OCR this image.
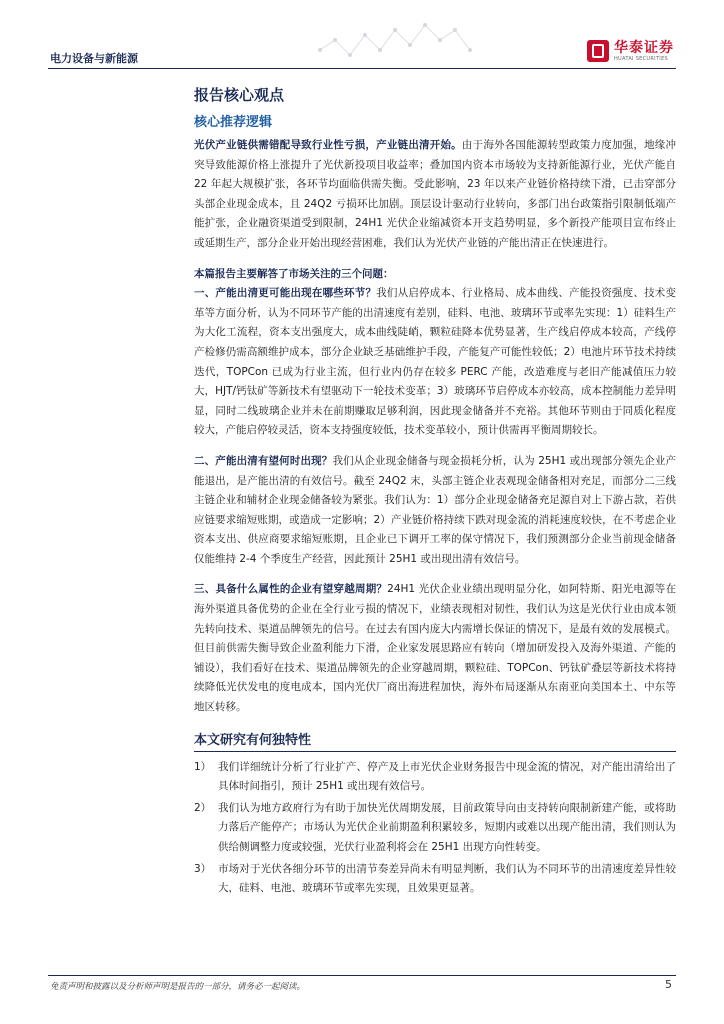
电力设备与新能源
华泰证券
HUATAI SECURITIES
报告核心观点
核心推荐逻辑

光伏产业链供需错配导致行业性亏损，产业链出清开始。由于海外各国能源转型政策力度加强，地缘冲突导致能源价格上涨提升了光伏新投项目收益率；叠加国内资本市场较为支持新能源行业，光伏产能自 22 年起大规模扩张，各环节均面临供需失衡。受此影响，23 年以来产业链价格持续下滑，已击穿部分头部企业现金成本，且 24Q2 亏损环比加剧。顶层设计驱动行业转向，多部门出台政策指引限制低端产能扩张，企业融资渠道受到限制，24H1 光伏企业缩减资本开支趋势明显，多个新投产能项目宣布终止或延期生产，部分企业开始出现经营困难，我们认为光伏产业链的产能出清正在快速进行。

本篇报告主要解答了市场关注的三个问题：
一、产能出清更可能出现在哪些环节？我们从启停成本、行业格局、成本曲线、产能投资强度、技术变革等方面分析，认为不同环节产能的出清速度有差别，硅料、电池、玻璃环节或率先实现：1）硅料生产为大化工流程，资本支出强度大，成本曲线陡峭，颗粒硅降本优势显著，生产线启停成本较高，产线停产检修仍需高额维护成本，部分企业缺乏基础维护手段，产能复产可能性较低；2）电池片环节技术持续迭代，TOPCon 已成为行业主流，但行业内仍存在较多 PERC 产能，改造难度与老旧产能减值压力较大，HJT/钙钛矿等新技术有望驱动下一轮技术变革；3）玻璃环节启停成本亦较高，成本控制能力差异明显，同时二线玻璃企业并未在前期赚取足够利润，因此现金储备并不充裕。其他环节则由于同质化程度较大，产能启停较灵活，资本支持强度较低，技术变革较小，预计供需再平衡周期较长。

二、产能出清有望何时出现？我们从企业现金储备与现金损耗分析，认为 25H1 或出现部分领先企业产能退出，是产能出清的有效信号。截至 24Q2 末，头部主链企业表观现金储备相对充足，而部分二三线主链企业和辅材企业现金储备较为紧张。我们认为：1）部分企业现金储备充足源自对上下游占款，若供应链要求缩短账期，或造成一定影响；2）产业链价格持续下跌对现金流的消耗速度较快，在不考虑企业资本支出、供应商要求缩短账期，且企业已下调开工率的保守情况下，我们预测部分企业当前现金储备仅能维持 2-4 个季度生产经营，因此预计 25H1 或出现出清有效信号。

三、具备什么属性的企业有望穿越周期？24H1 光伏企业业绩出现明显分化，如阿特斯、阳光电源等在海外渠道具备优势的企业在全行业亏损的情况下，业绩表现相对韧性，我们认为这是光伏行业由成本领先转向技术、渠道品牌领先的信号。在过去有国内庞大内需增长保证的情况下，是最有效的发展模式。但目前供需失衡导致企业盈利能力下滑，企业家发展思路应有转向（增加研发投入及海外渠道、产能的铺设），我们看好在技术、渠道品牌领先的企业穿越周期，颗粒硅、TOPCon、钙钛矿叠层等新技术将持续降低光伏发电的度电成本，国内光伏厂商出海进程加快，海外布局逐渐从东南亚向美国本土、中东等地区转移。

本文研究有何独特性
1） 我们详细统计分析了行业扩产、停产及上市光伏企业财务报告中现金流的情况，对产能出清给出了具体时间指引，预计 25H1 或出现有效信号。
2） 我们认为地方政府行为有助于加快光伏周期发展，目前政策导向由支持转向限制新建产能，或将助力落后产能停产；市场认为光伏企业前期盈利积累较多，短期内或难以出现产能出清，我们则认为供给侧调整力度或较强，光伏行业盈利将会在 25H1 出现方向性转变。
3） 市场对于光伏各细分环节的出清节奏差异尚未有明显判断，我们认为不同环节的出清速度差异性较大，硅料、电池、玻璃环节或率先实现，且效果更显著。
免责声明和披露以及分析师声明是报告的一部分，请务必一起阅读。	5
